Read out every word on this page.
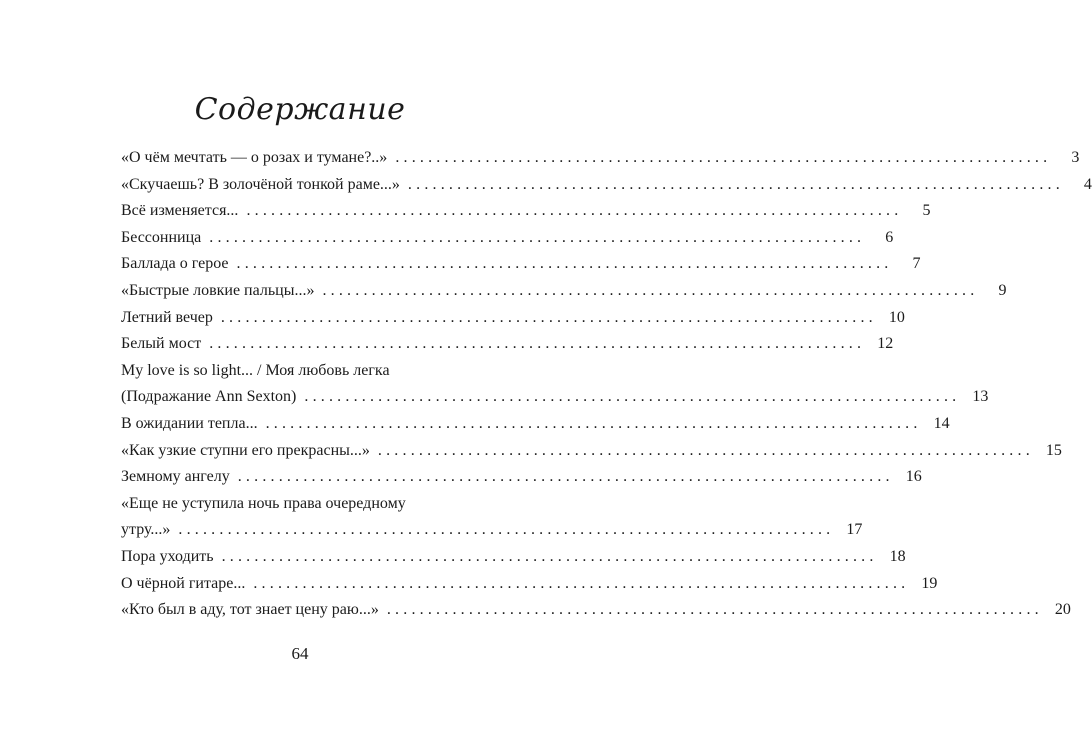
Содержание
«О чём мечтать — о розах и тумане?..» ................................................................................	3
«Скучаешь? В золочёной тонкой раме...» ................................................................................	4
Всё изменяется... ................................................................................	5
Бессонница ................................................................................	6
Баллада о герое ................................................................................	7
«Быстрые ловкие пальцы...» ................................................................................	9
Летний вечер ................................................................................ 10
Белый мост ................................................................................ 12
My love is so light... / Моя любовь легка
(Подражание Ann Sexton) ................................................................................ 13
В ожидании тепла... ................................................................................ 14
«Как узкие ступни его прекрасны...» ................................................................................ 15
Земному ангелу ................................................................................ 16
«Еще не уступила ночь права очередному
утру...» ................................................................................ 17
Пора уходить ................................................................................ 18
О чёрной гитаре... ................................................................................ 19
«Кто был в аду, тот знает цену раю...» ................................................................................ 20
64
